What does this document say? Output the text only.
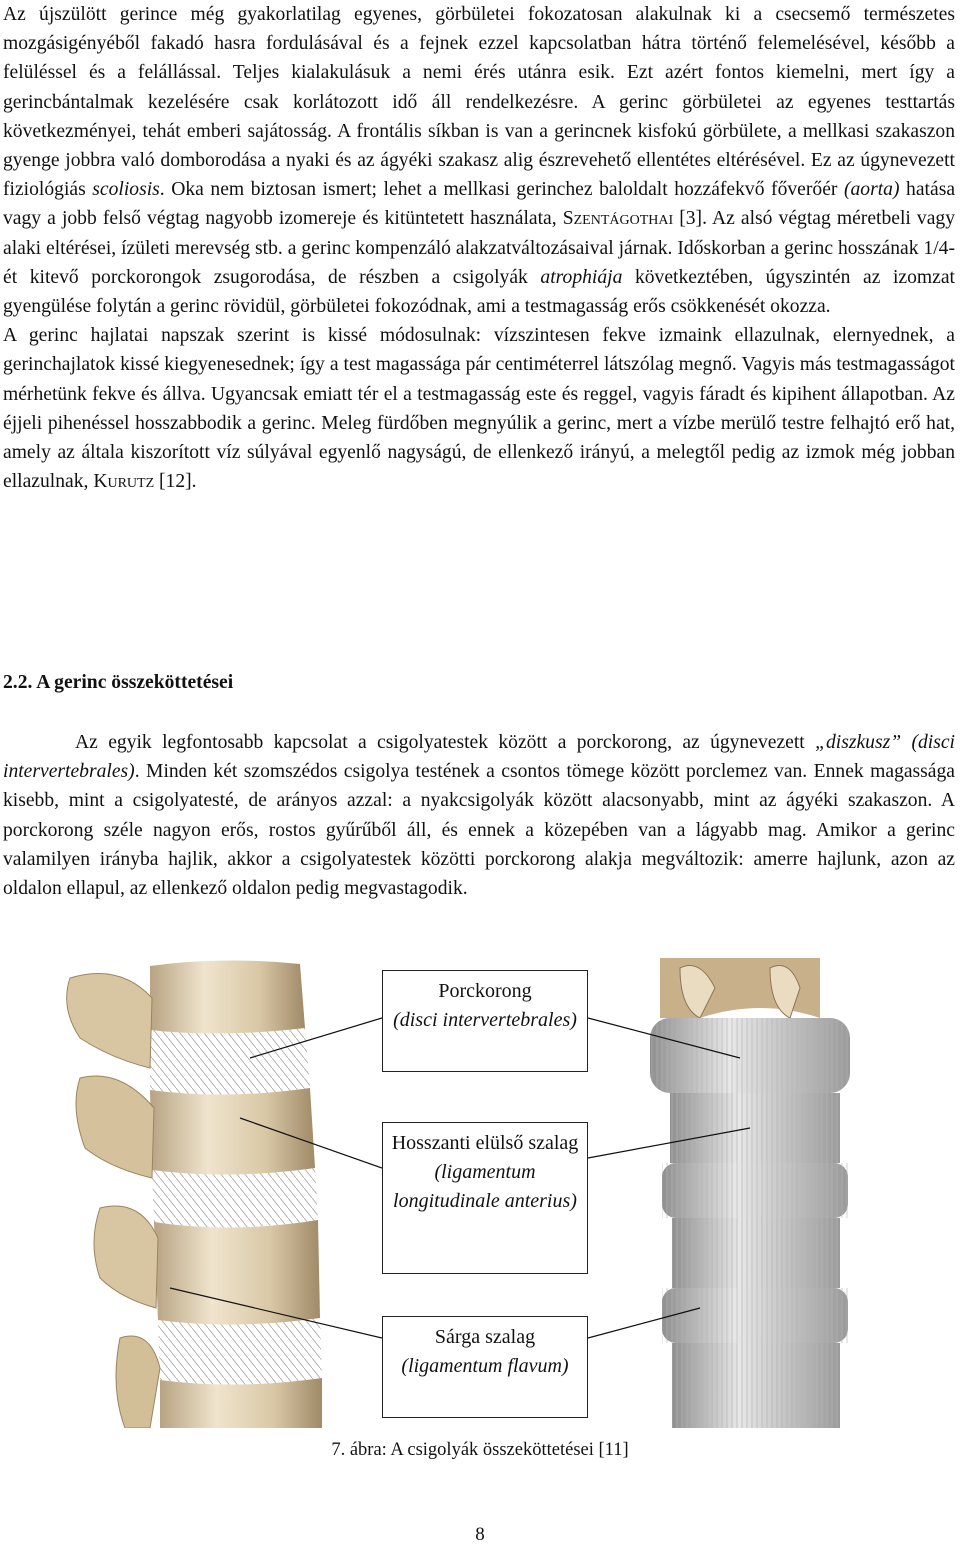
Az újszülött gerince még gyakorlatilag egyenes, görbületei fokozatosan alakulnak ki a csecsemő természetes mozgásigényéből fakadó hasra fordulásával és a fejnek ezzel kapcsolatban hátra történő felemelésével, később a felüléssel és a felállással. Teljes kialakulásuk a nemi érés utánra esik. Ezt azért fontos kiemelni, mert így a gerincbántalmak kezelésére csak korlátozott idő áll rendelkezésre. A gerinc görbületei az egyenes testtartás következményei, tehát emberi sajátosság. A frontális síkban is van a gerincnek kisfokú görbülete, a mellkasi szakaszon gyenge jobbra való domborodása a nyaki és az ágyéki szakasz alig észrevehető ellentétes eltérésével. Ez az úgynevezett fiziológiás scoliosis. Oka nem biztosan ismert; lehet a mellkasi gerinchez baloldalt hozzáfekvő főverőér (aorta) hatása vagy a jobb felső végtag nagyobb izomereje és kitüntetett használata, Szentágothai [3]. Az alsó végtag méretbeli vagy alaki eltérései, ízületi merevség stb. a gerinc kompenzáló alakzatváltozásaival járnak. Időskorban a gerinc hosszának 1/4-ét kitevő porckorongok zsugorodása, de részben a csigolyák atrophiája következtében, úgyszintén az izomzat gyengülése folytán a gerinc rövidül, görbületei fokozódnak, ami a testmagasság erős csökkenését okozza.

A gerinc hajlatai napszak szerint is kissé módosulnak: vízszintesen fekve izmaink ellazulnak, elernyednek, a gerinchajlatok kissé kiegyenesednek; így a test magassága pár centiméterrel látszólag megnő. Vagyis más testmagasságot mérhetünk fekve és állva. Ugyancsak emiatt tér el a testmagasság este és reggel, vagyis fáradt és kipihent állapotban. Az éjjeli pihenéssel hosszabbodik a gerinc. Meleg fürdőben megnyúlik a gerinc, mert a vízbe merülő testre felhajtó erő hat, amely az általa kiszorított víz súlyával egyenlő nagyságú, de ellenkező irányú, a melegtől pedig az izmok még jobban ellazulnak, Kurutz [12].

2.2. A gerinc összeköttetései

Az egyik legfontosabb kapcsolat a csigolyatestek között a porckorong, az úgynevezett „diszkusz” (disci intervertebrales). Minden két szomszédos csigolya testének a csontos tömege között porclemez van. Ennek magassága kisebb, mint a csigolyatesté, de arányos azzal: a nyakcsigolyák között alacsonyabb, mint az ágyéki szakaszon. A porckorong széle nagyon erős, rostos gyűrűből áll, és ennek a közepében van a lágyabb mag. Amikor a gerinc valamilyen irányba hajlik, akkor a csigolyatestek közötti porckorong alakja megváltozik: amerre hajlunk, azon az oldalon ellapul, az ellenkező oldalon pedig megvastagodik.

Porckorong
(disci intervertebrales)
Hosszanti elülső szalag
(ligamentum longitudinale anterius)
Sárga szalag
(ligamentum flavum)
7. ábra: A csigolyák összeköttetései [11]
8
